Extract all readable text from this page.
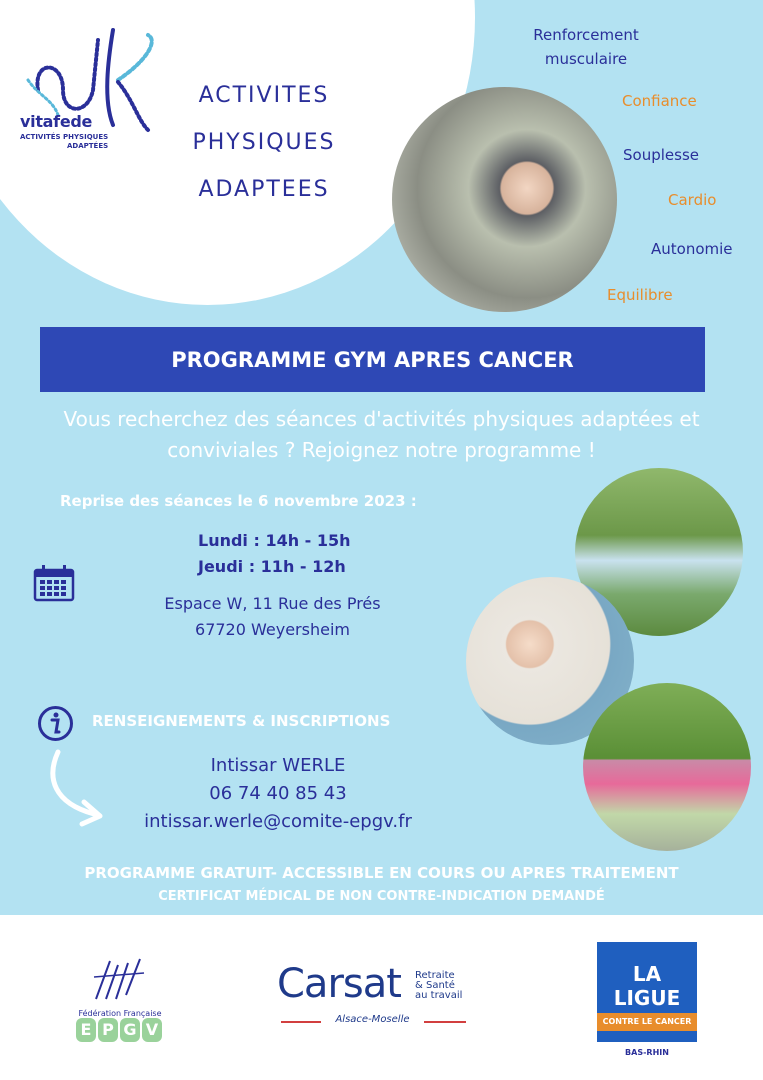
vitafede
ACTIVITÉS PHYSIQUES
ADAPTÉES
ACTIVITES
PHYSIQUES
ADAPTEES
Renforcement musculaire
Confiance
Souplesse
Cardio
Autonomie
Equilibre
PROGRAMME GYM APRES CANCER
Vous recherchez des séances d'activités physiques adaptées et conviviales ? Rejoignez notre programme !
Reprise des séances le 6 novembre 2023 :
Lundi : 14h - 15h
Jeudi : 11h - 12h
Espace W, 11 Rue des Prés
67720 Weyersheim
RENSEIGNEMENTS & INSCRIPTIONS
Intissar WERLE
06 74 40 85 43
intissar.werle@comite-epgv.fr
PROGRAMME GRATUIT- ACCESSIBLE EN COURS OU APRES TRAITEMENT
CERTIFICAT MÉDICAL DE NON CONTRE-INDICATION DEMANDÉ
Fédération Française
E P G V
Carsat Retraite
& Santé
au travail
Alsace-Moselle
LA LIGUE
CONTRE LE CANCER
BAS-RHIN
